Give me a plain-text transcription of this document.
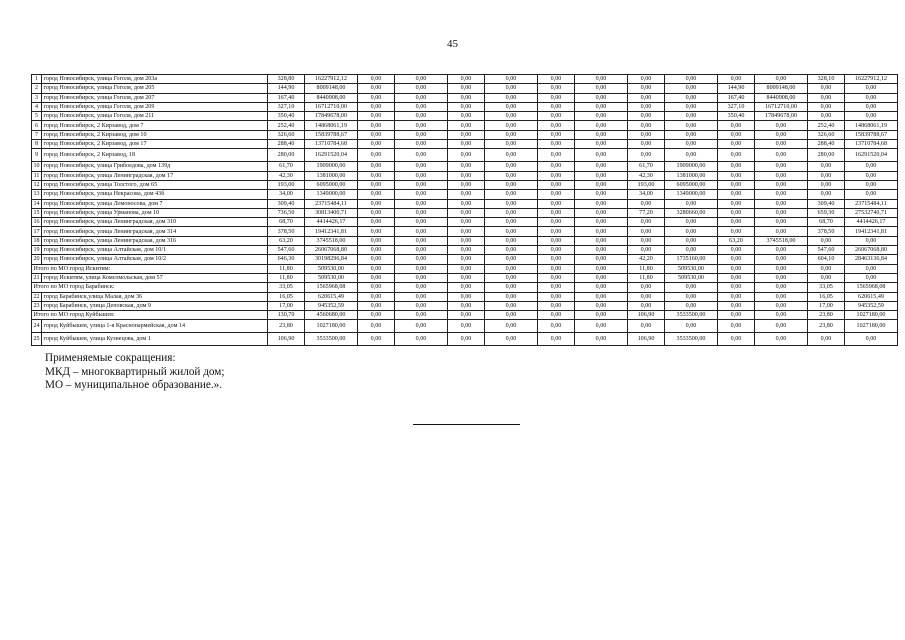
45
1	город Новосибирск, улица Гоголя, дом 203а	328,80	16227912,12	0,00	0,00	0,00	0,00	0,00	0,00	0,00	0,00	0,00	0,00	328,10	16227912,12
2	город Новосибирск, улица Гоголя, дом 205	144,90	8009148,00	0,00	0,00	0,00	0,00	0,00	0,00	0,00	0,00	144,90	8009148,00	0,00	0,00
3	город Новосибирск, улица Гоголя, дом 207	167,40	8440908,00	0,00	0,00	0,00	0,00	0,00	0,00	0,00	0,00	167,40	8440908,00	0,00	0,00
4	город Новосибирск, улица Гоголя, дом 209	327,10	16712710,00	0,00	0,00	0,00	0,00	0,00	0,00	0,00	0,00	327,10	16712710,00	0,00	0,00
5	город Новосибирск, улица Гоголя, дом 211	350,40	17849678,00	0,00	0,00	0,00	0,00	0,00	0,00	0,00	0,00	350,40	17849678,00	0,00	0,00
6	город Новосибирск, 2 Кирзавод, дом 7	252,40	14868061,19	0,00	0,00	0,00	0,00	0,00	0,00	0,00	0,00	0,00	0,00	252,40	14868061,19
7	город Новосибирск, 2 Кирзавод, дом 10	326,60	15839788,67	0,00	0,00	0,00	0,00	0,00	0,00	0,00	0,00	0,00	0,00	326,60	15839788,67
8	город Новосибирск, 2 Кирзавод, дом 17	288,40	13710784,68	0,00	0,00	0,00	0,00	0,00	0,00	0,00	0,00	0,00	0,00	288,40	13710784,68
9	город Новосибирск, 2 Кирзавод, 18	280,00	16291520,04	0,00	0,00	0,00	0,00	0,00	0,00	0,00	0,00	0,00	0,00	280,00	16291520,04
10	город Новосибирск, улица Грибоедова, дом 139д	61,70	1909000,00	0,00	0,00	0,00	0,00	0,00	0,00	61,70	1909000,00	0,00	0,00	0,00	0,00
11	город Новосибирск, улица Ленинградская, дом 17	42,30	1381000,00	0,00	0,00	0,00	0,00	0,00	0,00	42,30	1381000,00	0,00	0,00	0,00	0,00
12	город Новосибирск, улица Толстого, дом 65	193,00	6095000,00	0,00	0,00	0,00	0,00	0,00	0,00	193,00	6095000,00	0,00	0,00	0,00	0,00
13	город Новосибирск, улица Некрасова, дом 43б	34,00	1349000,00	0,00	0,00	0,00	0,00	0,00	0,00	34,00	1349000,00	0,00	0,00	0,00	0,00
14	город Новосибирск, улица Ломоносова, дом 7	309,40	23715484,11	0,00	0,00	0,00	0,00	0,00	0,00	0,00	0,00	0,00	0,00	309,40	23715484,11
15	город Новосибирск, улица Урманова, дом 10	736,50	30813400,71	0,00	0,00	0,00	0,00	0,00	0,00	77,20	3280660,00	0,00	0,00	659,30	27532740,71
16	город Новосибирск, улица Ленинградская, дом 310	68,70	4414426,17	0,00	0,00	0,00	0,00	0,00	0,00	0,00	0,00	0,00	0,00	68,70	4414426,17
17	город Новосибирск, улица Ленинградская, дом 314	378,50	19412341,81	0,00	0,00	0,00	0,00	0,00	0,00	0,00	0,00	0,00	0,00	378,50	19412341,81
18	город Новосибирск, улица Ленинградская, дом 316	63,20	3745518,00	0,00	0,00	0,00	0,00	0,00	0,00	0,00	0,00	63,20	3745518,00	0,00	0,00
19	город Новосибирск, улица Алтайская, дом 10/1	547,60	26067068,80	0,00	0,00	0,00	0,00	0,00	0,00	0,00	0,00	0,00	0,00	547,60	26067068,80
20	город Новосибирск, улица Алтайская, дом 10/2	646,30	30198296,84	0,00	0,00	0,00	0,00	0,00	0,00	42,20	1735160,00	0,00	0,00	604,10	28463136,84
Итого по МО город Искитим:		11,80	509530,00	0,00	0,00	0,00	0,00	0,00	0,00	11,80	509530,00	0,00	0,00	0,00	0,00
21	город Искитим, улица Комсомольская, дом 57	11,80	509530,00	0,00	0,00	0,00	0,00	0,00	0,00	11,80	509530,00	0,00	0,00	0,00	0,00
Итого по МО город Барабинск:		33,05	1565968,08	0,00	0,00	0,00	0,00	0,00	0,00	0,00	0,00	0,00	0,00	33,05	1565968,08
22	город Барабинск,улица Малая, дом 36	16,05	620615,49	0,00	0,00	0,00	0,00	0,00	0,00	0,00	0,00	0,00	0,00	16,05	620615,49
23	город Барабинск, улица Деповская, дом 9	17,00	945352,59	0,00	0,00	0,00	0,00	0,00	0,00	0,00	0,00	0,00	0,00	17,00	945352,59
Итого по МО город Куйбышев:		130,70	4560680,00	0,00	0,00	0,00	0,00	0,00	0,00	106,90	3533500,00	0,00	0,00	23,80	1027180,00
24	город Куйбышев, улица 1-я Краснопармейская, дом 14	23,80	1027180,00	0,00	0,00	0,00	0,00	0,00	0,00	0,00	0,00	0,00	0,00	23,80	1027180,00
25	город Куйбышев, улица Кузнецова, дом 1	106,90	3533500,00	0,00	0,00	0,00	0,00	0,00	0,00	106,90	3533500,00	0,00	0,00	0,00	0,00
Применяемые сокращения:
МКД – многоквартирный жилой дом;
МО – муниципальное образование.».
